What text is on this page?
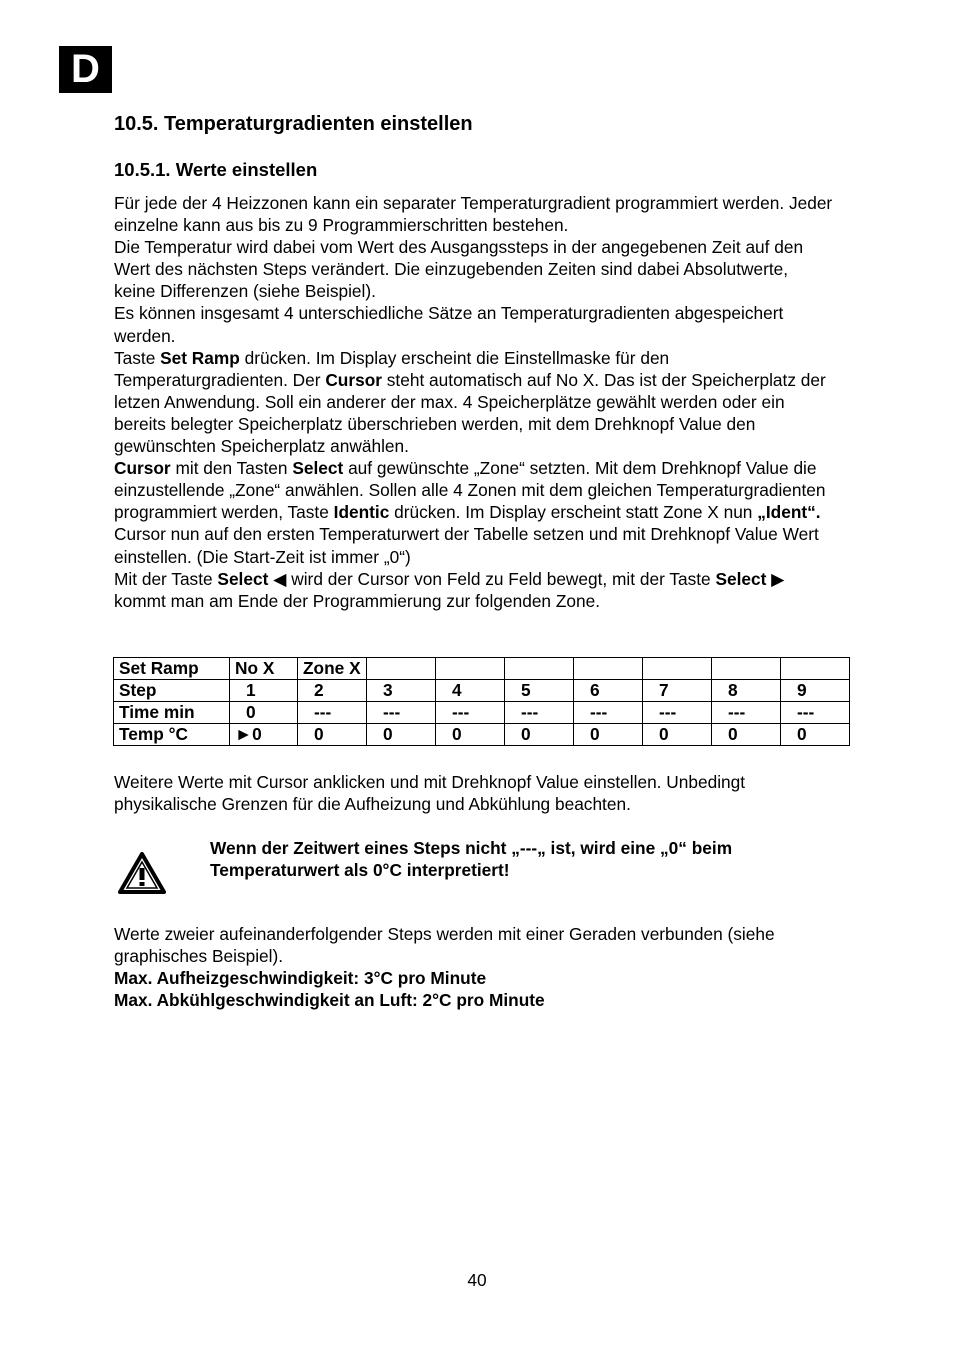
D
10.5. Temperaturgradienten einstellen
10.5.1. Werte einstellen

Für jede der 4 Heizzonen kann ein separater Temperaturgradient programmiert werden. Jeder einzelne kann aus bis zu 9 Programmierschritten bestehen.

Die Temperatur wird dabei vom Wert des Ausgangssteps in der angegebenen Zeit auf den Wert des nächsten Steps verändert. Die einzugebenden Zeiten sind dabei Absolutwerte, keine Differenzen (siehe Beispiel).

Es können insgesamt 4 unterschiedliche Sätze an Temperaturgradienten abgespeichert werden.

Taste Set Ramp drücken. Im Display erscheint die Einstellmaske für den Temperaturgradienten. Der Cursor steht automatisch auf No X. Das ist der Speicherplatz der letzen Anwendung. Soll ein anderer der max. 4 Speicherplätze gewählt werden oder ein bereits belegter Speicherplatz überschrieben werden, mit dem Drehknopf Value den gewünschten Speicherplatz anwählen.

Cursor mit den Tasten Select auf gewünschte „Zone“ setzten. Mit dem Drehknopf Value die einzustellende „Zone“ anwählen. Sollen alle 4 Zonen mit dem gleichen Temperaturgradienten programmiert werden, Taste Identic drücken. Im Display erscheint statt Zone X nun „Ident“.

Cursor nun auf den ersten Temperaturwert der Tabelle setzen und mit Drehknopf Value Wert einstellen. (Die Start-Zeit ist immer „0“)

Mit der Taste Select ◀ wird der Cursor von Feld zu Feld bewegt, mit der Taste Select ▶ kommt man am Ende der Programmierung zur folgenden Zone.

Set Ramp	No X	Zone X							
Step	1	2	3	4	5	6	7	8	9
Time min	0	---	---	---	---	---	---	---	---
Temp °C	►0	0	0	0	0	0	0	0	0

Weitere Werte mit Cursor anklicken und mit Drehknopf Value einstellen. Unbedingt physikalische Grenzen für die Aufheizung und Abkühlung beachten.

Wenn der Zeitwert eines Steps nicht „---„ ist, wird eine „0“ beim Temperaturwert als 0°C interpretiert!

Werte zweier aufeinanderfolgender Steps werden mit einer Geraden verbunden (siehe graphisches Beispiel).

Max. Aufheizgeschwindigkeit: 3°C pro Minute

Max. Abkühlgeschwindigkeit an Luft: 2°C pro Minute

40
